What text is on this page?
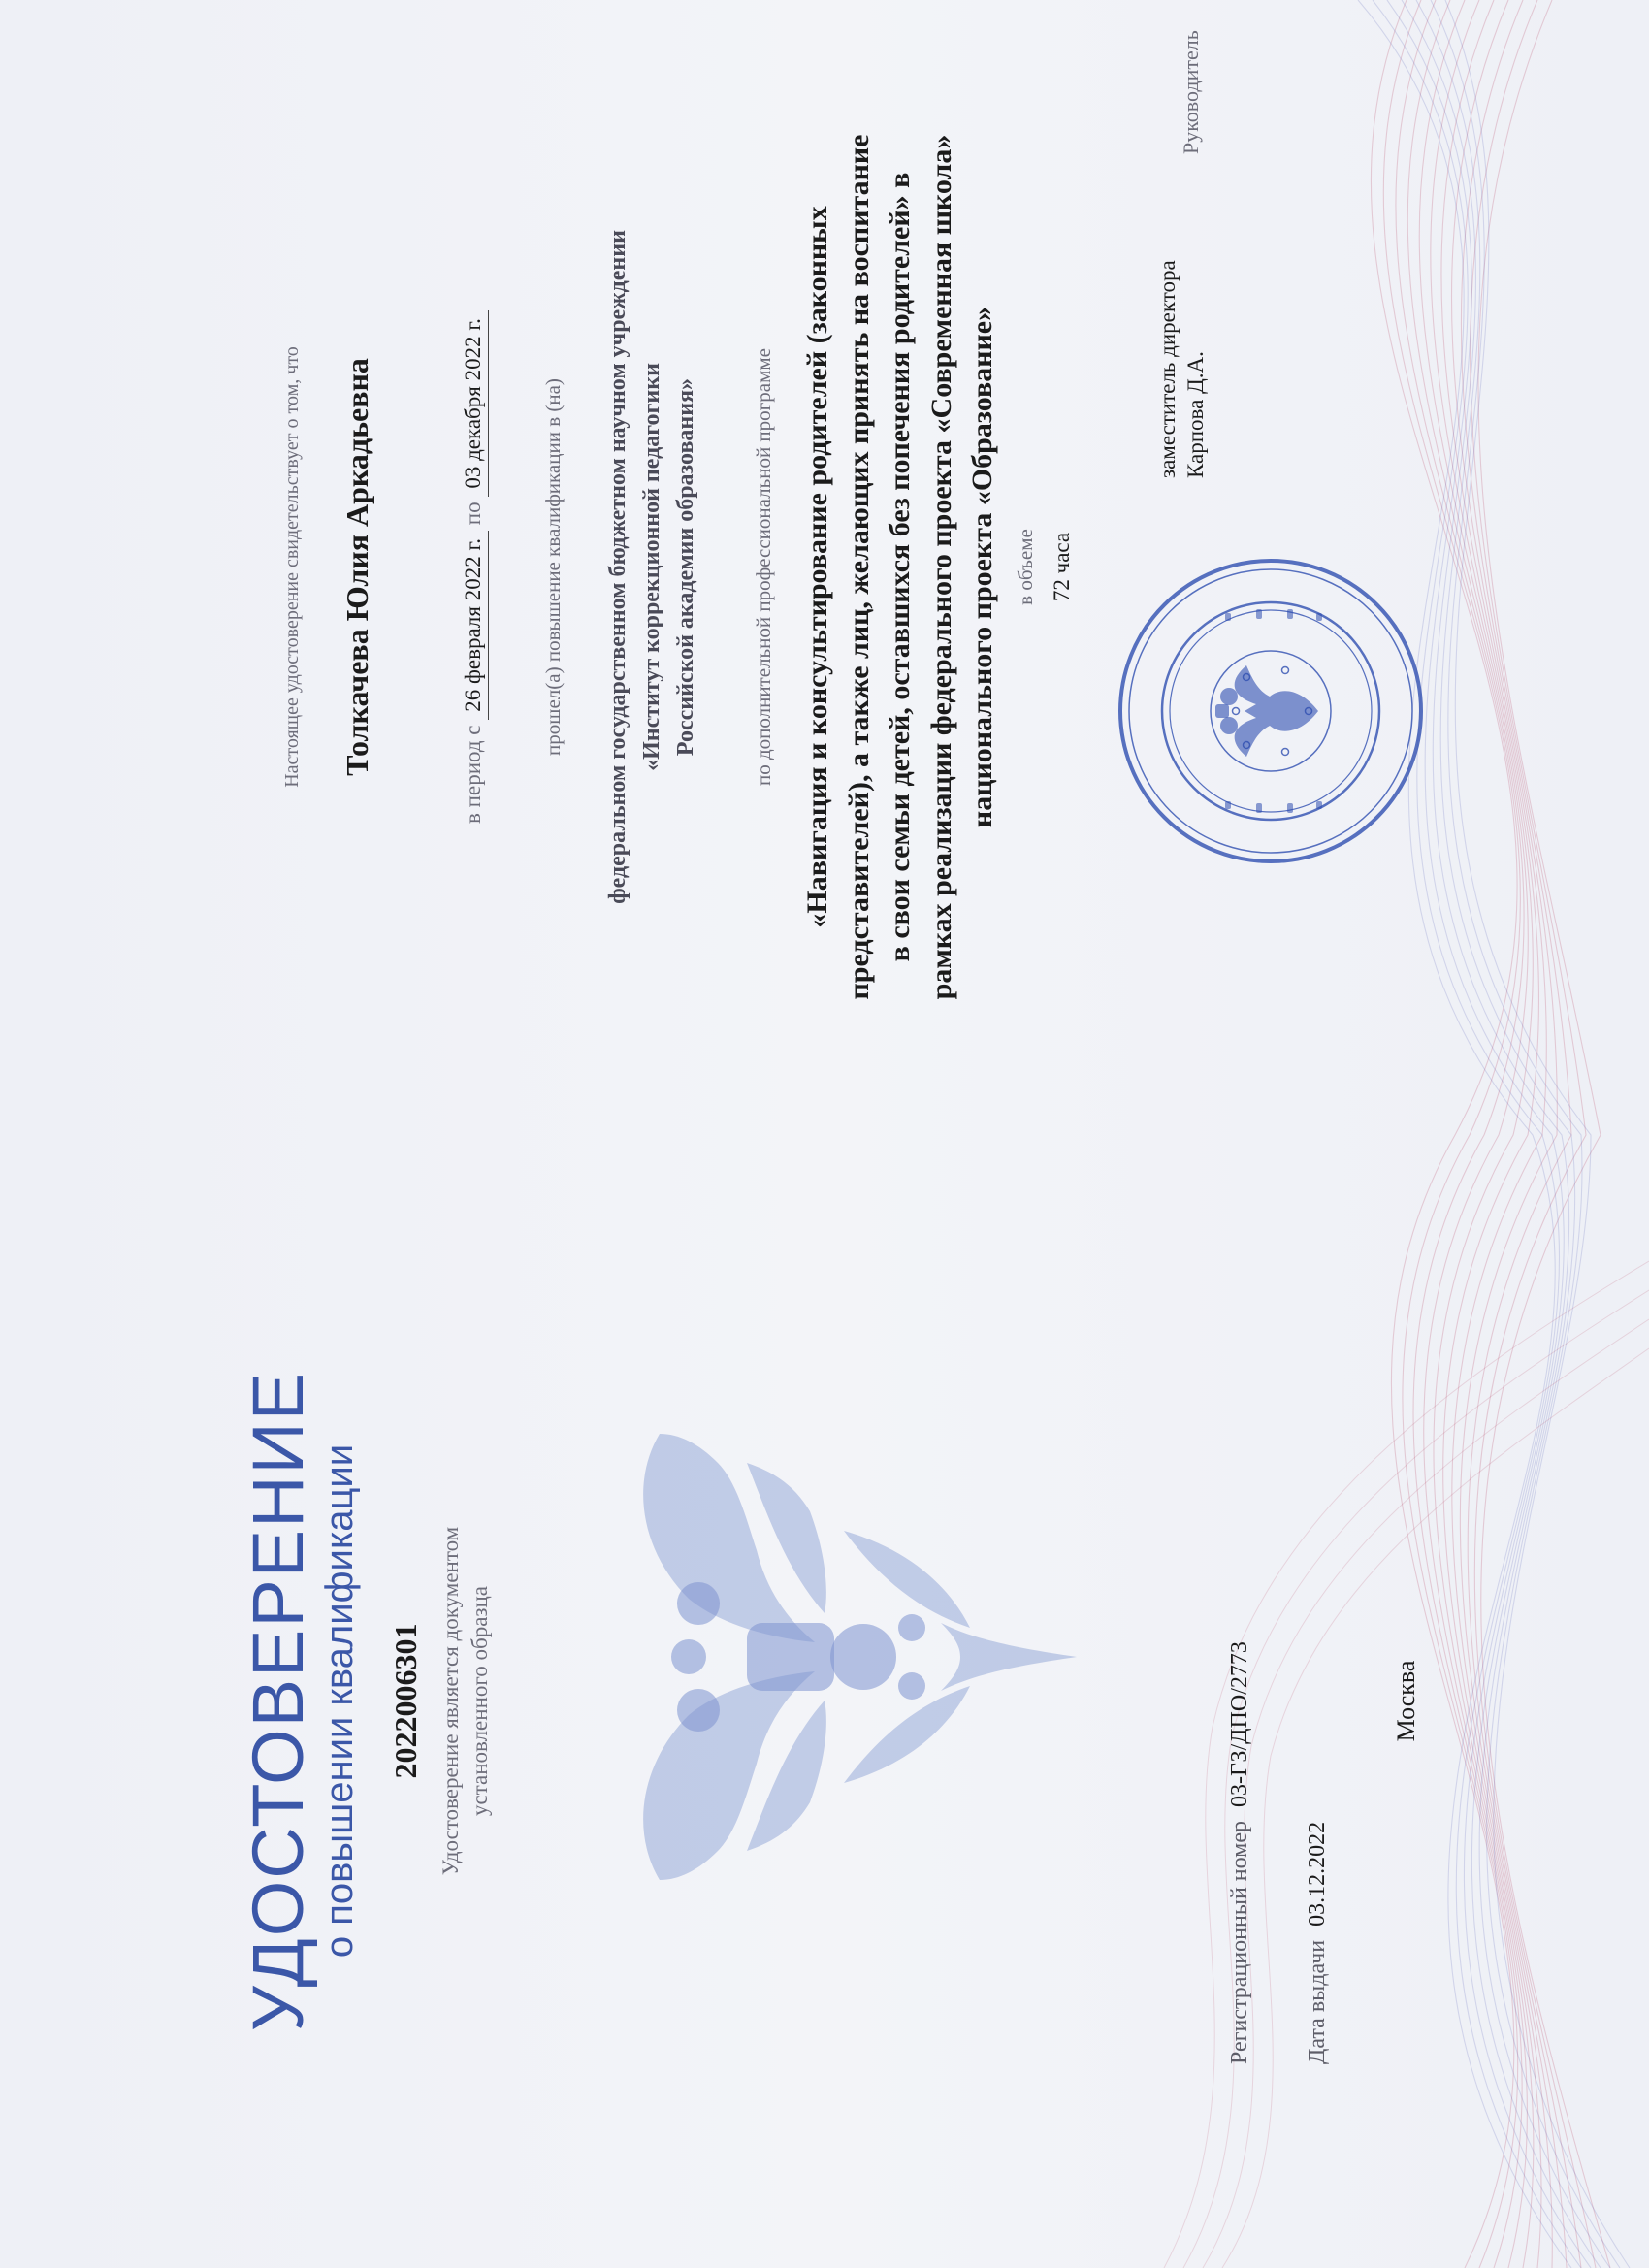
УДОСТОВЕРЕНИЕ о повышении квалификации 2022006301 Удостоверение является документом установленного образца
Регистрационный номер03-ГЗ/ДПО/2773
Дата выдачи03.12.2022
Москва
Настоящее удостоверение свидетельствует о том, что Толкачева Юлия Аркадьевна	в период с 26 февраля 2022 г. по 03 декабря 2022 г.	прошел(а) повышение квалификации в (на) федеральном государственном бюджетном научном учреждении «Институт коррекционной педагогики Российской академии образования»	по дополнительной профессиональной программе «Навигация и консультирование родителей (законных представителей), а также лиц, желающих принять на воспитание в свои семьи детей, оставшихся без попечения родителей» в рамках реализации федерального проекта «Современная школа» национального проекта «Образование» в объеме 72 часа
Руководитель
заместитель директора Карпова Д.А.
